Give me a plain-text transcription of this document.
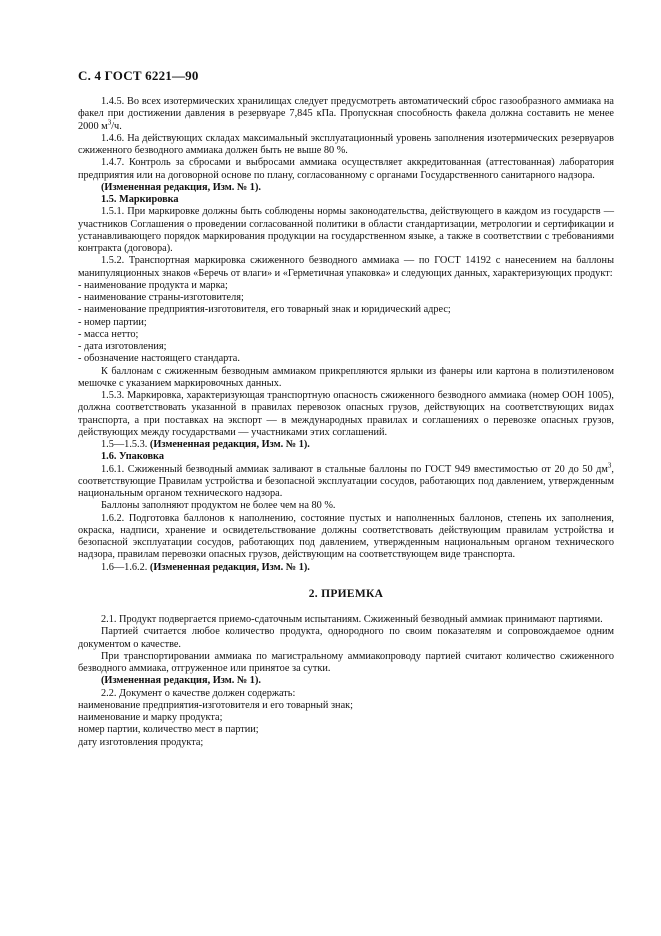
С. 4 ГОСТ 6221—90

1.4.5. Во всех изотермических хранилищах следует предусмотреть автоматический сброс газообразного аммиака на факел при достижении давления в резервуаре 7,845 кПа. Пропускная способность факела должна составить не менее 2000 $м^3/ч$.

1.4.6. На действующих складах максимальный эксплуатационный уровень заполнения изотермических резервуаров сжиженного безводного аммиака должен быть не выше 80 %.

1.4.7. Контроль за сбросами и выбросами аммиака осуществляет аккредитованная (аттестованная) лаборатория предприятия или на договорной основе по плану, согласованному с органами Государственного санитарного надзора.

(Измененная редакция, Изм. № 1).

1.5. Маркировка

1.5.1. При маркировке должны быть соблюдены нормы законодательства, действующего в каждом из государств — участников Соглашения о проведении согласованной политики в области стандартизации, метрологии и сертификации и устанавливающего порядок маркирования продукции на государственном языке, а также в соответствии с требованиями контракта (договора).

1.5.2. Транспортная маркировка сжиженного безводного аммиака — по ГОСТ 14192 с нанесением на баллоны манипуляционных знаков «Беречь от влаги» и «Герметичная упаковка» и следующих данных, характеризующих продукт:

- наименование продукта и марка;

- наименование страны-изготовителя;

- наименование предприятия-изготовителя, его товарный знак и юридический адрес;

- номер партии;

- масса нетто;

- дата изготовления;

- обозначение настоящего стандарта.

К баллонам с сжиженным безводным аммиаком прикрепляются ярлыки из фанеры или картона в полиэтиленовом мешочке с указанием маркировочных данных.

1.5.3. Маркировка, характеризующая транспортную опасность сжиженного безводного аммиака (номер ООН 1005), должна соответствовать указанной в правилах перевозок опасных грузов, действующих на соответствующих видах транспорта, а при поставках на экспорт — в международных правилах и соглашениях о перевозке опасных грузов, действующих между государствами — участниками этих соглашений.

1.5—1.5.3. (Измененная редакция, Изм. № 1).

1.6. Упаковка

1.6.1. Сжиженный безводный аммиак заливают в стальные баллоны по ГОСТ 949 вместимостью от 20 до 50 $дм^3$, соответствующие Правилам устройства и безопасной эксплуатации сосудов, работающих под давлением, утвержденным национальным органом технического надзора.

Баллоны заполняют продуктом не более чем на 80 %.

1.6.2. Подготовка баллонов к наполнению, состояние пустых и наполненных баллонов, степень их заполнения, окраска, надписи, хранение и освидетельствование должны соответствовать действующим правилам устройства и безопасной эксплуатации сосудов, работающих под давлением, утвержденным национальным органом технического надзора, правилам перевозки опасных грузов, действующим на соответствующем виде транспорта.

1.6—1.6.2. (Измененная редакция, Изм. № 1).

2. ПРИЕМКА

2.1. Продукт подвергается приемо-сдаточным испытаниям. Сжиженный безводный аммиак принимают партиями.

Партией считается любое количество продукта, однородного по своим показателям и сопровождаемое одним документом о качестве.

При транспортировании аммиака по магистральному аммиакопроводу партией считают количество сжиженного безводного аммиака, отгруженное или принятое за сутки.

(Измененная редакция, Изм. № 1).

2.2. Документ о качестве должен содержать:

наименование предприятия-изготовителя и его товарный знак;

наименование и марку продукта;

номер партии, количество мест в партии;

дату изготовления продукта;
